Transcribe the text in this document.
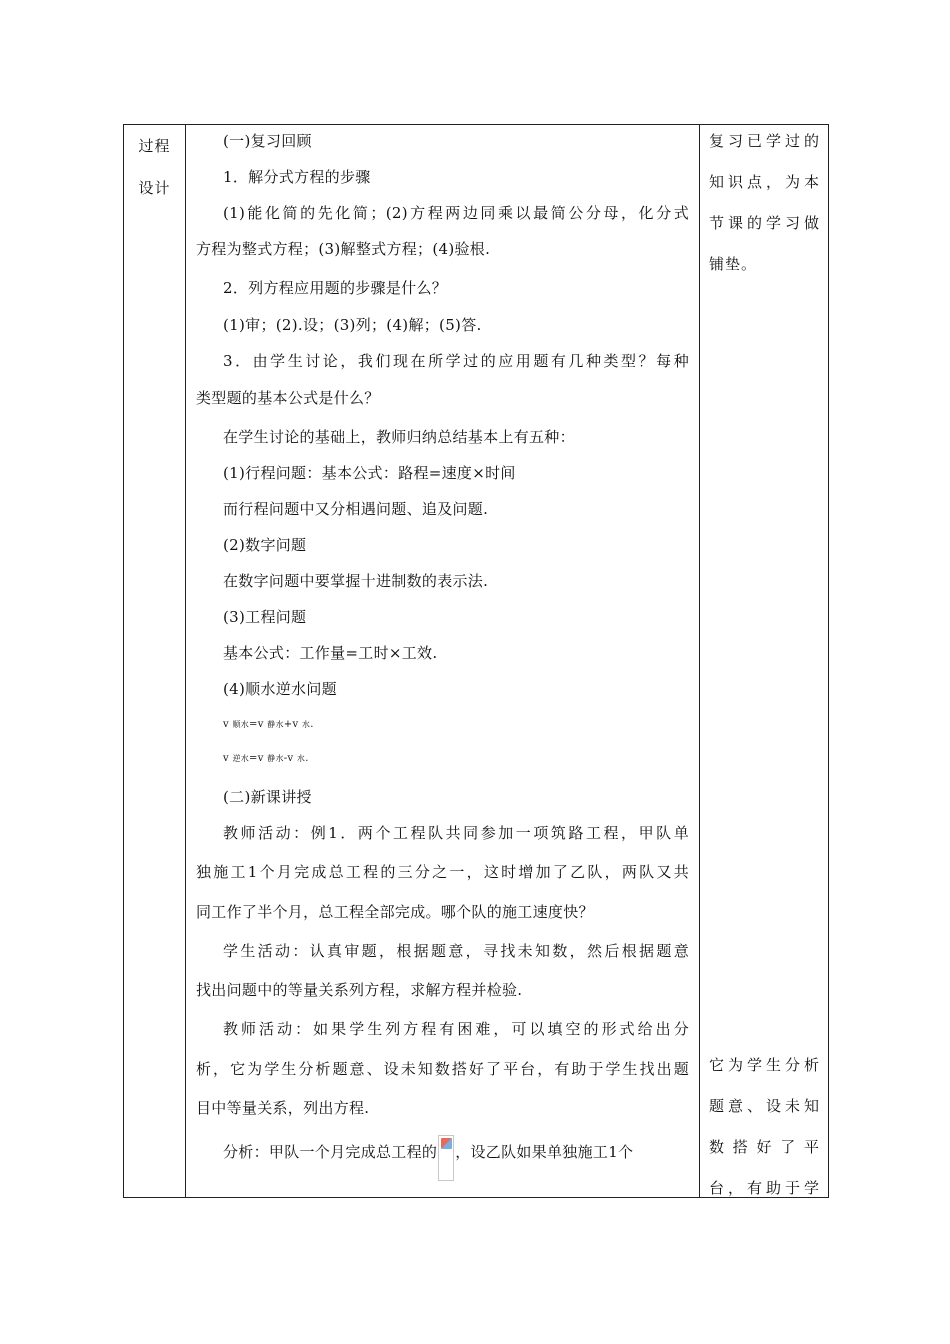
过程
设计

(一)复习回顾
1．解分式方程的步骤
(1)能化简的先化简；(2)方程两边同乘以最简公分母，化分式
方程为整式方程；(3)解整式方程；(4)验根.
2．列方程应用题的步骤是什么？
(1)审；(2).设；(3)列；(4)解；(5)答.
3．由学生讨论，我们现在所学过的应用题有几种类型？每种
类型题的基本公式是什么？
在学生讨论的基础上，教师归纳总结基本上有五种：
(1)行程问题：基本公式：路程=速度×时间
而行程问题中又分相遇问题、追及问题.
(2)数字问题
在数字问题中要掌握十进制数的表示法.
(3)工程问题
基本公式：工作量=工时×工效.
(4)顺水逆水问题
v 顺水=v 静水+v 水.
v 逆水=v 静水-v 水.
(二)新课讲授
教师活动：例1．两个工程队共同参加一项筑路工程，甲队单
独施工1个月完成总工程的三分之一，这时增加了乙队，两队又共
同工作了半个月，总工程全部完成。哪个队的施工速度快？
学生活动：认真审题，根据题意，寻找未知数，然后根据题意
找出问题中的等量关系列方程，求解方程并检验.
教师活动：如果学生列方程有困难，可以填空的形式给出分
析，它为学生分析题意、设未知数搭好了平台，有助于学生找出题
目中等量关系，列出方程.
分析：甲队一个月完成总工程的 ，设乙队如果单独施工1个

复习已学过的
知识点，为本
节课的学习做
铺垫。
它为学生分析
题意、设未知
数搭好了平
台，有助于学
